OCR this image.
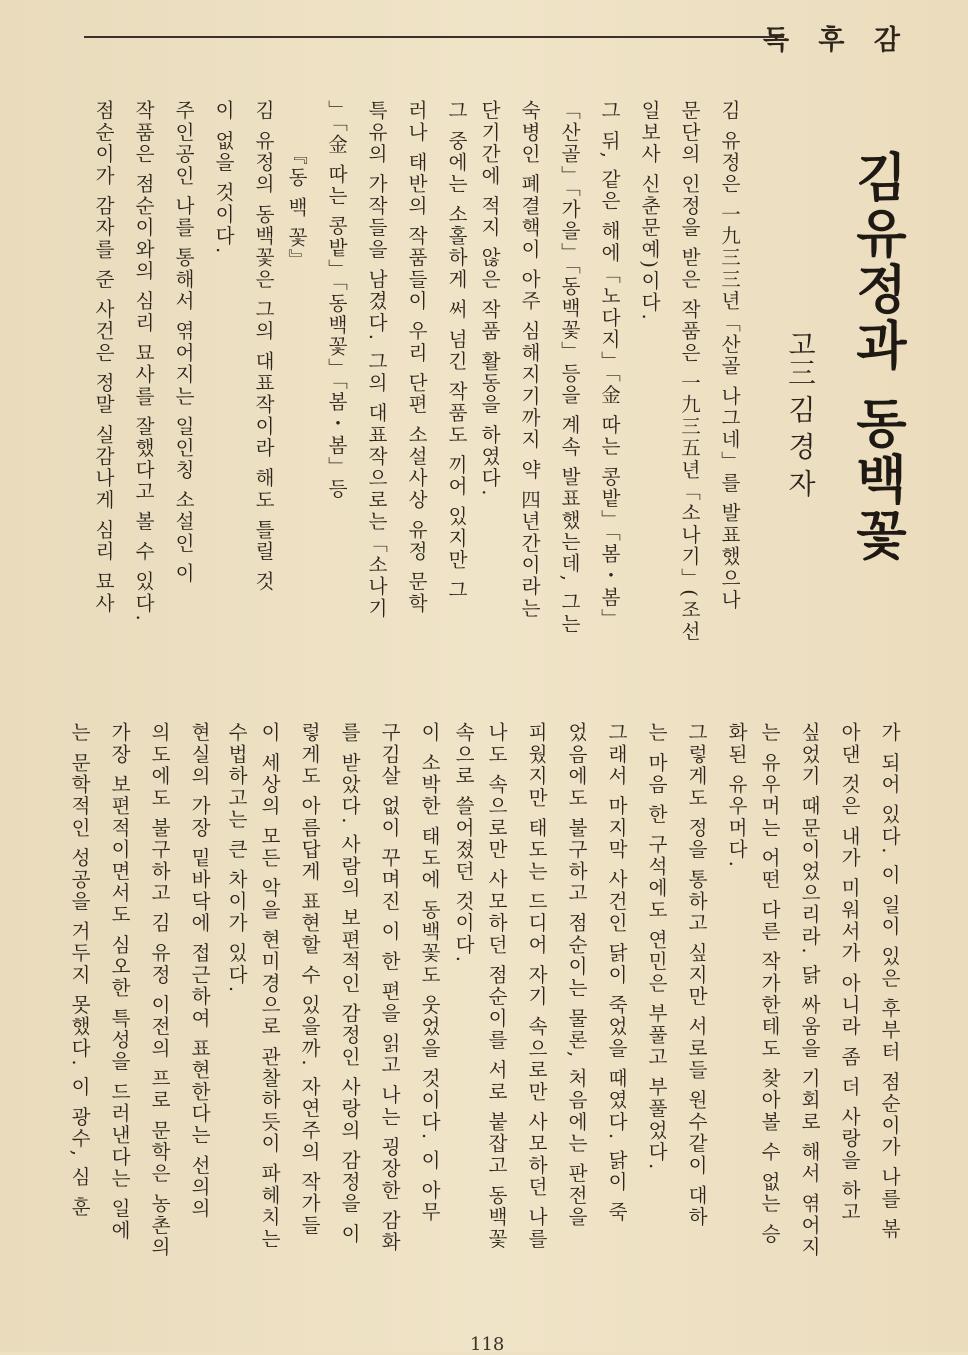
독 후 감
김유정과 동백꽃
고三 김 경 자
김 유정은 一九三三년「산골 나그네」를 발표했으나
문단의 인정을 받은 작품은 一九三五년「소나기」(조선
일보사 신춘문예)이다.
그 뒤, 같은 해에「노다지」「金 따는 콩밭」「봄・봄」
「산골」「가을」「동백꽃」등을 계속 발표했는데, 그는
숙병인 폐결핵이 아주 심해지기까지 약 四년간이라는
단기간에 적지 않은 작품 활동을 하였다.
그 중에는 소홀하게 써 넘긴 작품도 끼어 있지만 그
러나 태반의 작품들이 우리 단편 소설사상 유정 문학
특유의 가작들을 남겼다. 그의 대표작으로는「소나기
」「金 따는 콩밭」「동백꽃」「봄・봄」등
『동 백 꽃』
김 유정의 동백꽃은 그의 대표작이라 해도 틀릴 것
이 없을 것이다.
주인공인 나를 통해서 엮어지는 일인칭 소설인 이
작품은 점순이와의 심리 묘사를 잘했다고 볼 수 있다.
점순이가 감자를 준 사건은 정말 실감나게 심리 묘사
가 되어 있다. 이 일이 있은 후부터 점순이가 나를 볶
아댄 것은 내가 미워서가 아니라 좀 더 사랑을 하고
싶었기 때문이었으리라. 닭 싸움을 기회로 해서 엮어지
는 유우머는 어떤 다른 작가한테도 찾아볼 수 없는 승
화된 유우머다.
그렇게도 정을 통하고 싶지만 서로들 원수같이 대하
는 마음 한 구석에도 연민은 부풀고 부풀었다.
그래서 마지막 사건인 닭이 죽었을 때였다. 닭이 죽
었음에도 불구하고 점순이는 물론, 처음에는 판전을
피웠지만 태도는 드디어 자기 속으로만 사모하던 나를
나도 속으로만 사모하던 점순이를 서로 붙잡고 동백꽃
속으로 쓸어졌던 것이다.
이 소박한 태도에 동백꽃도 웃었을 것이다. 이 아무
구김살 없이 꾸며진 이 한 편을 읽고 나는 굉장한 감화
를 받았다. 사람의 보편적인 감정인 사랑의 감정을 이
렇게도 아름답게 표현할 수 있을까. 자연주의 작가들
이 세상의 모든 악을 현미경으로 관찰하듯이 파헤치는
수법하고는 큰 차이가 있다.
현실의 가장 밑바닥에 접근하여 표현한다는 선의의
의도에도 불구하고 김 유정 이전의 프로 문학은 농촌의
가장 보편적이면서도 심오한 특성을 드러낸다는 일에
는 문학적인 성공을 거두지 못했다. 이 광수, 심 훈
118
